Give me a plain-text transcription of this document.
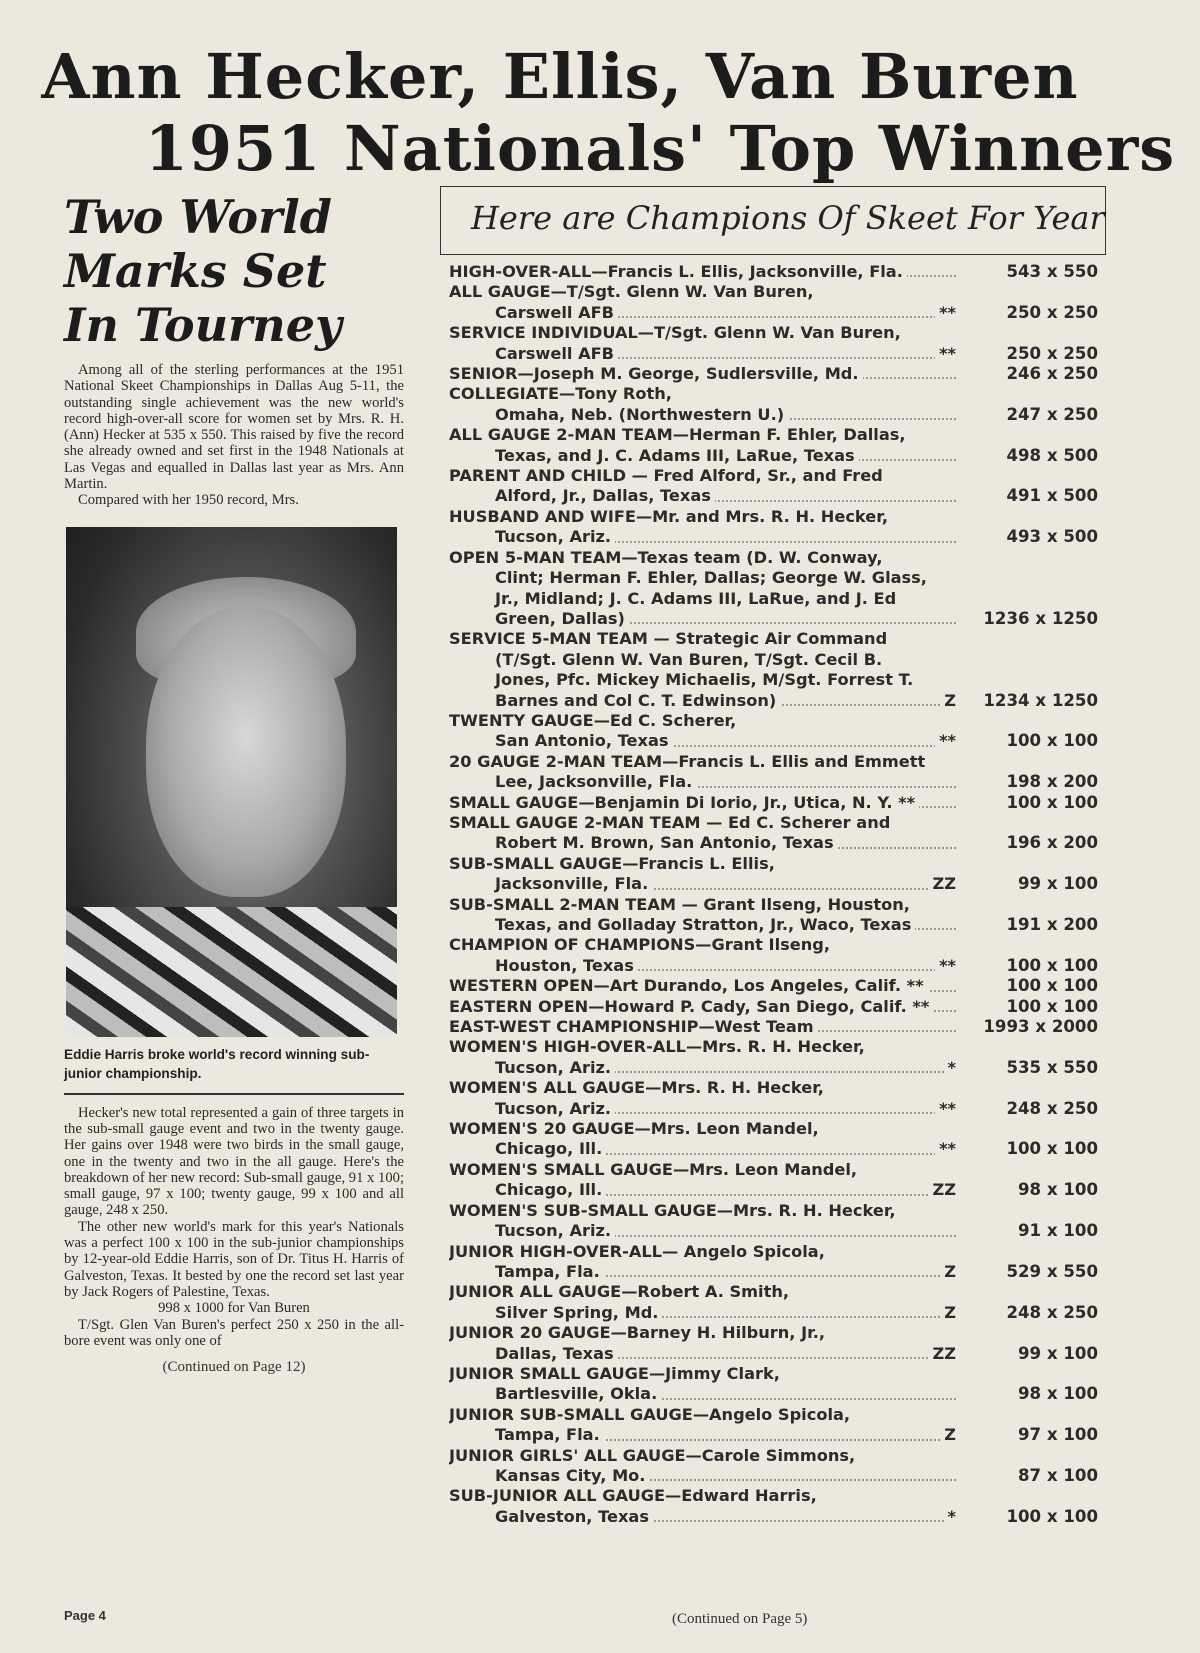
Ann Hecker, Ellis, Van Buren
1951 Nationals' Top Winners
Two World
Marks Set
In Tourney

Among all of the sterling performances at the 1951 National Skeet Championships in Dallas Aug 5-11, the outstanding single achievement was the new world's record high-over-all score for women set by Mrs. R. H. (Ann) Hecker at 535 x 550. This raised by five the record she already owned and set first in the 1948 Nationals at Las Vegas and equalled in Dallas last year as Mrs. Ann Martin.

Compared with her 1950 record, Mrs.

Eddie Harris broke world's record winning sub-junior championship.

Hecker's new total represented a gain of three targets in the sub-small gauge event and two in the twenty gauge. Her gains over 1948 were two birds in the small gauge, one in the twenty and two in the all gauge. Here's the breakdown of her new record: Sub-small gauge, 91 x 100; small gauge, 97 x 100; twenty gauge, 99 x 100 and all gauge, 248 x 250.

The other new world's mark for this year's Nationals was a perfect 100 x 100 in the sub-junior championships by 12-year-old Eddie Harris, son of Dr. Titus H. Harris of Galveston, Texas. It bested by one the record set last year by Jack Rogers of Palestine, Texas.

998 x 1000 for Van Buren

T/Sgt. Glen Van Buren's perfect 250 x 250 in the all-bore event was only one of

(Continued on Page 12)
Page 4
Here are Champions Of Skeet For Year
HIGH-OVER-ALL—Francis L. Ellis, Jacksonville, Fla.	543 x 550
ALL GAUGE—T/Sgt. Glenn W. Van Buren,
Carswell AFB	**	250 x 250
SERVICE INDIVIDUAL—T/Sgt. Glenn W. Van Buren,
Carswell AFB	**	250 x 250
SENIOR—Joseph M. George, Sudlersville, Md.	246 x 250
COLLEGIATE—Tony Roth,
Omaha, Neb. (Northwestern U.)	247 x 250
ALL GAUGE 2-MAN TEAM—Herman F. Ehler, Dallas,
Texas, and J. C. Adams III, LaRue, Texas	498 x 500
PARENT AND CHILD — Fred Alford, Sr., and Fred
Alford, Jr., Dallas, Texas	491 x 500
HUSBAND AND WIFE—Mr. and Mrs. R. H. Hecker,
Tucson, Ariz.	493 x 500
OPEN 5-MAN TEAM—Texas team (D. W. Conway,
Clint; Herman F. Ehler, Dallas; George W. Glass,
Jr., Midland; J. C. Adams III, LaRue, and J. Ed
Green, Dallas)	1236 x 1250
SERVICE 5-MAN TEAM — Strategic Air Command
(T/Sgt. Glenn W. Van Buren, T/Sgt. Cecil B.
Jones, Pfc. Mickey Michaelis, M/Sgt. Forrest T.
Barnes and Col C. T. Edwinson)	Z	1234 x 1250
TWENTY GAUGE—Ed C. Scherer,
San Antonio, Texas	**	100 x 100
20 GAUGE 2-MAN TEAM—Francis L. Ellis and Emmett
Lee, Jacksonville, Fla.	198 x 200
SMALL GAUGE—Benjamin Di Iorio, Jr., Utica, N. Y. **	100 x 100
SMALL GAUGE 2-MAN TEAM — Ed C. Scherer and
Robert M. Brown, San Antonio, Texas	196 x 200
SUB-SMALL GAUGE—Francis L. Ellis,
Jacksonville, Fla.	ZZ	99 x 100
SUB-SMALL 2-MAN TEAM — Grant Ilseng, Houston,
Texas, and Golladay Stratton, Jr., Waco, Texas	191 x 200
CHAMPION OF CHAMPIONS—Grant Ilseng,
Houston, Texas	**	100 x 100
WESTERN OPEN—Art Durando, Los Angeles, Calif. **	100 x 100
EASTERN OPEN—Howard P. Cady, San Diego, Calif. **	100 x 100
EAST-WEST CHAMPIONSHIP—West Team	1993 x 2000
WOMEN'S HIGH-OVER-ALL—Mrs. R. H. Hecker,
Tucson, Ariz.	*	535 x 550
WOMEN'S ALL GAUGE—Mrs. R. H. Hecker,
Tucson, Ariz.	**	248 x 250
WOMEN'S 20 GAUGE—Mrs. Leon Mandel,
Chicago, Ill.	**	100 x 100
WOMEN'S SMALL GAUGE—Mrs. Leon Mandel,
Chicago, Ill.	ZZ	98 x 100
WOMEN'S SUB-SMALL GAUGE—Mrs. R. H. Hecker,
Tucson, Ariz.	91 x 100
JUNIOR HIGH-OVER-ALL— Angelo Spicola,
Tampa, Fla.	Z	529 x 550
JUNIOR ALL GAUGE—Robert A. Smith,
Silver Spring, Md.	Z	248 x 250
JUNIOR 20 GAUGE—Barney H. Hilburn, Jr.,
Dallas, Texas	ZZ	99 x 100
JUNIOR SMALL GAUGE—Jimmy Clark,
Bartlesville, Okla.	98 x 100
JUNIOR SUB-SMALL GAUGE—Angelo Spicola,
Tampa, Fla.	Z	97 x 100
JUNIOR GIRLS' ALL GAUGE—Carole Simmons,
Kansas City, Mo.	87 x 100
SUB-JUNIOR ALL GAUGE—Edward Harris,
Galveston, Texas	*	100 x 100
(Continued on Page 5)
